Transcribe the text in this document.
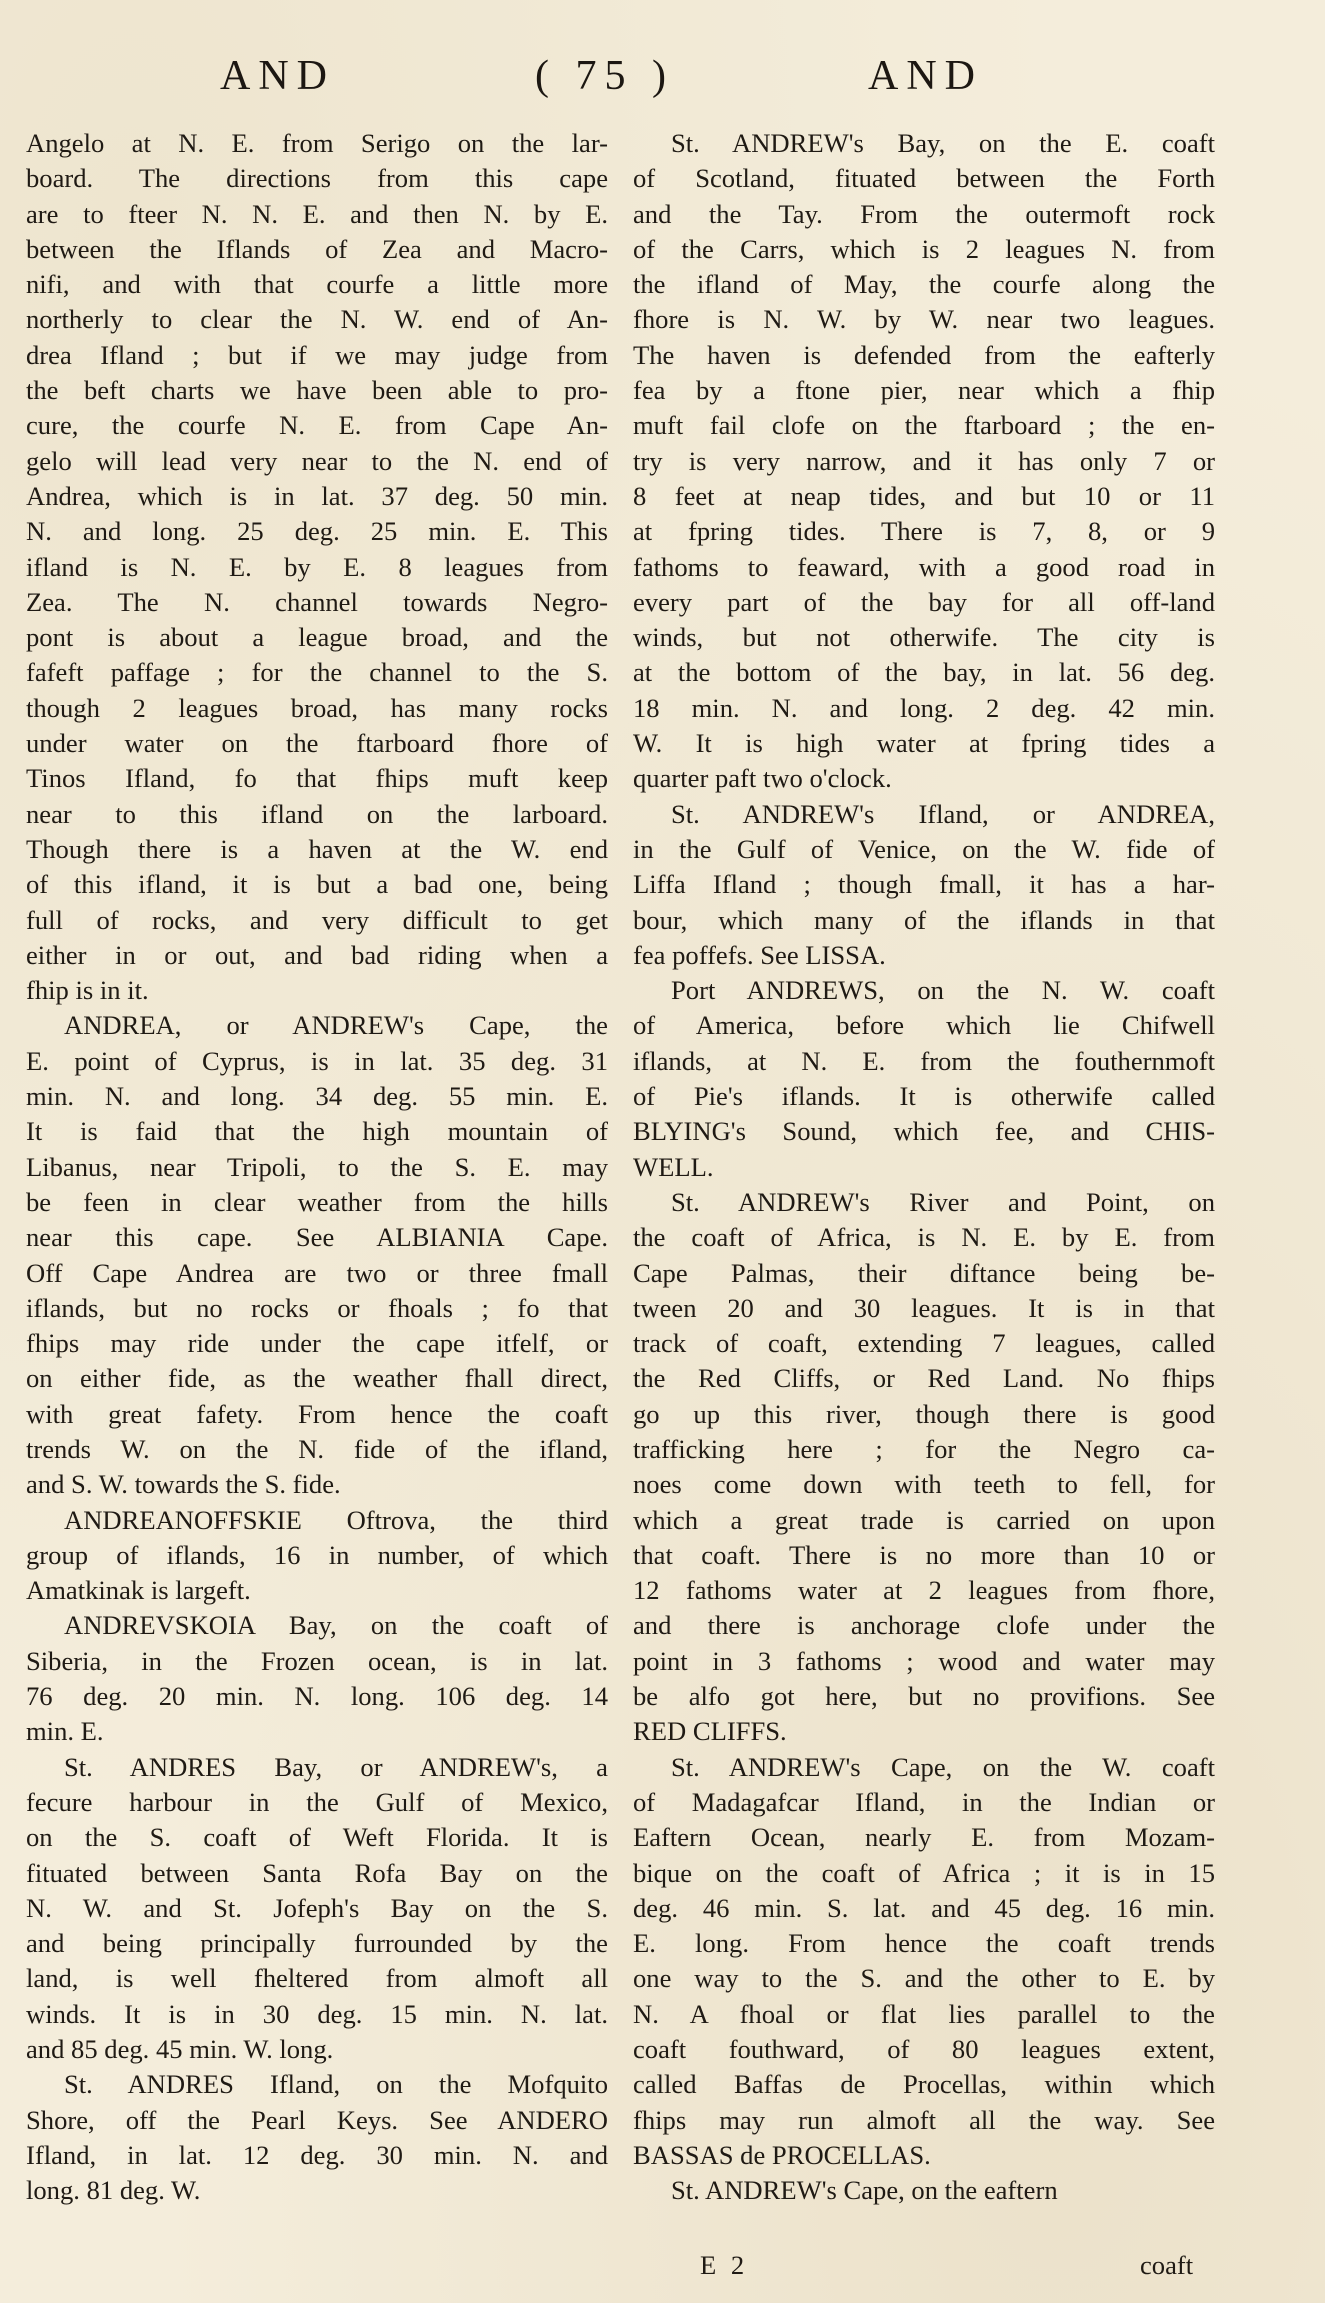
AND	( 75 )	AND
Angelo at N. E. from Serigo on the lar-
board. The directions from this cape
are to fteer N. N. E. and then N. by E.
between the Iflands of Zea and Macro-
nifi, and with that courfe a little more
northerly to clear the N. W. end of An-
drea Ifland ; but if we may judge from
the beft charts we have been able to pro-
cure, the courfe N. E. from Cape An-
gelo will lead very near to the N. end of
Andrea, which is in lat. 37 deg. 50 min.
N. and long. 25 deg. 25 min. E. This
ifland is N. E. by E. 8 leagues from
Zea. The N. channel towards Negro-
pont is about a league broad, and the
fafeft paffage ; for the channel to the S.
though 2 leagues broad, has many rocks
under water on the ftarboard fhore of
Tinos Ifland, fo that fhips muft keep
near to this ifland on the larboard.
Though there is a haven at the W. end
of this ifland, it is but a bad one, being
full of rocks, and very difficult to get
either in or out, and bad riding when a
fhip is in it.
ANDREA, or ANDREW's Cape, the
E. point of Cyprus, is in lat. 35 deg. 31
min. N. and long. 34 deg. 55 min. E.
It is faid that the high mountain of
Libanus, near Tripoli, to the S. E. may
be feen in clear weather from the hills
near this cape. See ALBIANIA Cape.
Off Cape Andrea are two or three fmall
iflands, but no rocks or fhoals ; fo that
fhips may ride under the cape itfelf, or
on either fide, as the weather fhall direct,
with great fafety. From hence the coaft
trends W. on the N. fide of the ifland,
and S. W. towards the S. fide.
ANDREANOFFSKIE Oftrova, the third
group of iflands, 16 in number, of which
Amatkinak is largeft.
ANDREVSKOIA Bay, on the coaft of
Siberia, in the Frozen ocean, is in lat.
76 deg. 20 min. N. long. 106 deg. 14
min. E.
St. ANDRES Bay, or ANDREW's, a
fecure harbour in the Gulf of Mexico,
on the S. coaft of Weft Florida. It is
fituated between Santa Rofa Bay on the
N. W. and St. Jofeph's Bay on the S.
and being principally furrounded by the
land, is well fheltered from almoft all
winds. It is in 30 deg. 15 min. N. lat.
and 85 deg. 45 min. W. long.
St. ANDRES Ifland, on the Mofquito
Shore, off the Pearl Keys. See ANDERO
Ifland, in lat. 12 deg. 30 min. N. and
long. 81 deg. W.
St. ANDREW's Bay, on the E. coaft
of Scotland, fituated between the Forth
and the Tay. From the outermoft rock
of the Carrs, which is 2 leagues N. from
the ifland of May, the courfe along the
fhore is N. W. by W. near two leagues.
The haven is defended from the eafterly
fea by a ftone pier, near which a fhip
muft fail clofe on the ftarboard ; the en-
try is very narrow, and it has only 7 or
8 feet at neap tides, and but 10 or 11
at fpring tides. There is 7, 8, or 9
fathoms to feaward, with a good road in
every part of the bay for all off-land
winds, but not otherwife. The city is
at the bottom of the bay, in lat. 56 deg.
18 min. N. and long. 2 deg. 42 min.
W. It is high water at fpring tides a
quarter paft two o'clock.
St. ANDREW's Ifland, or ANDREA,
in the Gulf of Venice, on the W. fide of
Liffa Ifland ; though fmall, it has a har-
bour, which many of the iflands in that
fea poffefs. See LISSA.
Port ANDREWS, on the N. W. coaft
of America, before which lie Chifwell
iflands, at N. E. from the fouthernmoft
of Pie's iflands. It is otherwife called
BLYING's Sound, which fee, and CHIS-
WELL.
St. ANDREW's River and Point, on
the coaft of Africa, is N. E. by E. from
Cape Palmas, their diftance being be-
tween 20 and 30 leagues. It is in that
track of coaft, extending 7 leagues, called
the Red Cliffs, or Red Land. No fhips
go up this river, though there is good
trafficking here ; for the Negro ca-
noes come down with teeth to fell, for
which a great trade is carried on upon
that coaft. There is no more than 10 or
12 fathoms water at 2 leagues from fhore,
and there is anchorage clofe under the
point in 3 fathoms ; wood and water may
be alfo got here, but no provifions. See
RED CLIFFS.
St. ANDREW's Cape, on the W. coaft
of Madagafcar Ifland, in the Indian or
Eaftern Ocean, nearly E. from Mozam-
bique on the coaft of Africa ; it is in 15
deg. 46 min. S. lat. and 45 deg. 16 min.
E. long. From hence the coaft trends
one way to the S. and the other to E. by
N. A fhoal or flat lies parallel to the
coaft fouthward, of 80 leagues extent,
called Baffas de Procellas, within which
fhips may run almoft all the way. See
BASSAS de PROCELLAS.
St. ANDREW's Cape, on the eaftern
E 2	coaft
